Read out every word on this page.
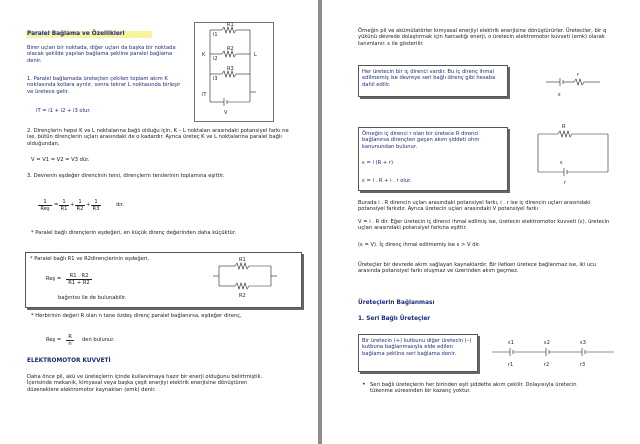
Paralel Bağlama ve Özellikleri
Birer uçları bir noktada, diğer uçları da başka bir noktada olacak şekilde yapılan bağlama şekline paralel bağlama denir.
1. Paralel bağlamada üreteçten çekilen toplam akım K noktasında kollara ayrılır, sonra tekrar L noktasında birleşir ve üretece gelir.
iT = i1 + i2 + i3 olur.
R1
R2
R3
K	L
i1
i2
i3
iT
V
2. Dirençlerin hepsi K ve L noktalarına bağlı olduğu için, K – L noktaları arasındaki potansiyel farkı ne ise, bütün dirençlerin uçları arasındaki de o kadardır. Ayrıca üreteç K ve L noktalarına paralel bağlı olduğundan,
V = V1 = V2 = V3 dür.
3. Devrenin eşdeğer direncinin tersi, dirençlerin terslerinin toplamına eşittir.
1
Reş
= $\frac{1}{R1} + \frac{1}{R2} + \frac{1}{R3}$	dır.
* Paralel bağlı dirençlerin eşdeğeri, en küçük direnç değerinden daha küçüktür.
* Paralel bağlı R1 ve R2dirençlerinin eşdeğeri,
Reş = $\frac{R1 . R2}{R1 + R2}$
bağıntısı ile de bulunabilir.
R1
R2
* Herbirinin değeri R olan n tane özdeş direnç paralel bağlanırsa, eşdeğer direnç,
Reş = $\frac{R}{n}$ den bulunur.
ELEKTROMOTOR KUVVETİ
Daha önce pil, akü ve üreteçlerin içinde kullanılmaya hazır bir enerji olduğunu belirtmiştik. İçerisinde mekanik, kimyasal veya başka çeşit enerjiyi elektrik enerjisine dönüştüren düzeneklere elektromotor kaynakları (emk) denir.
Örneğin pil ve akümülatörler kimyasal enerjiyi elektrik enerjisine dönüştürürler. Üreteciler, bir q yükünü devrede dolaştırmak için harcadığı enerji, o üretecin elektromotor kuvveti (emk) olarak tanımlanır. ε ile gösterilir.
Her üretecin bir iç direnci vardır. Bu iç direnç ihmal edilmemiş ise devreye seri bağlı direnç gibi hesaba dahil edilir.
r
ε
Örneğin iç direnci r olan bir üretece R direnci bağlanırsa dirençten geçen akım şiddeti ohm kanunundan bulunur.
ε = i (R + r)
ε = i . R + i . r olur.
R
ε
r
Burada i . R direncin uçları arasındaki potansiyel farkı, i . r ise iç direncin uçları arasındaki potansiyel farkıdır. Ayrıca üretecin uçları arasındaki V potansiyel farkı
V = i . R dir. Eğer üretecin iç direnci ihmal edilmiş ise, üretecin elektromotor kuvveti (ε), üretecin uçları arasındaki potansiyel farkına eşittir.
(ε = V). İç direnç ihmal edilmemiş ise ε > V dir.
Üreteçler bir devrede akım sağlayan kaynaklardır. Bir iletken üretece bağlanmaz ise, iki ucu arasında potansiyel farkı oluşmaz ve üzerinden akım geçmez.
Üreteçlerin Bağlanması
1. Seri Bağlı Üreteçler
Bir üretecin (+) kutbunu diğer üretecin (–) kutbuna bağlanmasıyla elde edilen bağlama şekline seri bağlama denir.
ε1	ε2	ε3
r1	r2	r3
• Seri bağlı üreteçlerin her birinden eşit şiddette akım çekilir. Dolayısıyla üretecin tükenme süresinden bir kazanç yoktur.
